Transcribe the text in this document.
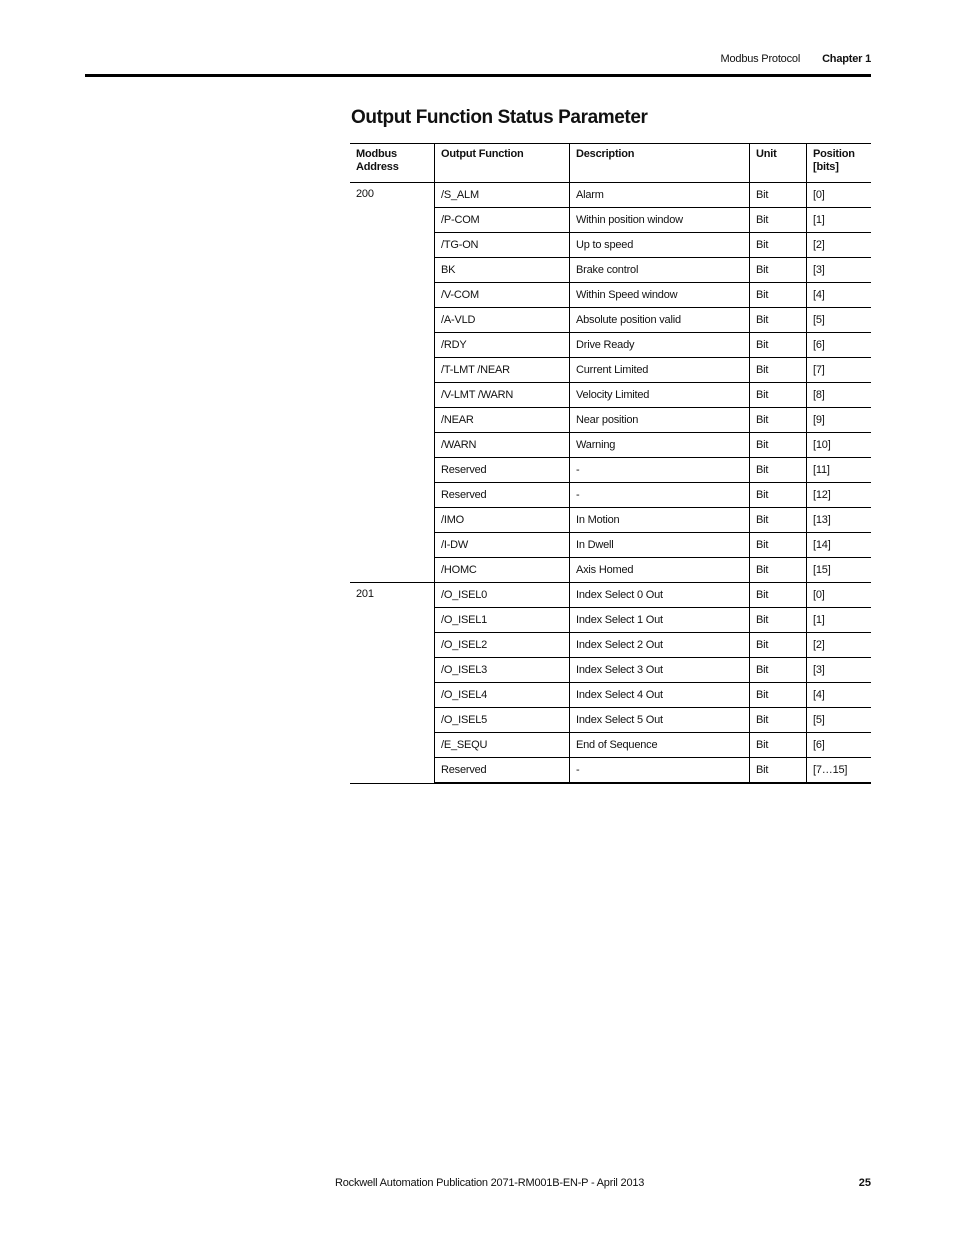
Modbus Protocol Chapter 1
Output Function Status Parameter
Modbus Address	Output Function	Description	Unit	Position [bits]
200	/S_ALM	Alarm	Bit	[0]
	/P-COM	Within position window	Bit	[1]
	/TG-ON	Up to speed	Bit	[2]
	BK	Brake control	Bit	[3]
	/V-COM	Within Speed window	Bit	[4]
	/A-VLD	Absolute position valid	Bit	[5]
	/RDY	Drive Ready	Bit	[6]
	/T-LMT /NEAR	Current Limited	Bit	[7]
	/V-LMT /WARN	Velocity Limited	Bit	[8]
	/NEAR	Near position	Bit	[9]
	/WARN	Warning	Bit	[10]
	Reserved	-	Bit	[11]
	Reserved	-	Bit	[12]
	/IMO	In Motion	Bit	[13]
	/I-DW	In Dwell	Bit	[14]
	/HOMC	Axis Homed	Bit	[15]
201	/O_ISEL0	Index Select 0 Out	Bit	[0]
	/O_ISEL1	Index Select 1 Out	Bit	[1]
	/O_ISEL2	Index Select 2 Out	Bit	[2]
	/O_ISEL3	Index Select 3 Out	Bit	[3]
	/O_ISEL4	Index Select 4 Out	Bit	[4]
	/O_ISEL5	Index Select 5 Out	Bit	[5]
	/E_SEQU	End of Sequence	Bit	[6]
	Reserved	-	Bit	[7…15]
Rockwell Automation Publication 2071-RM001B-EN-P - April 2013	25
